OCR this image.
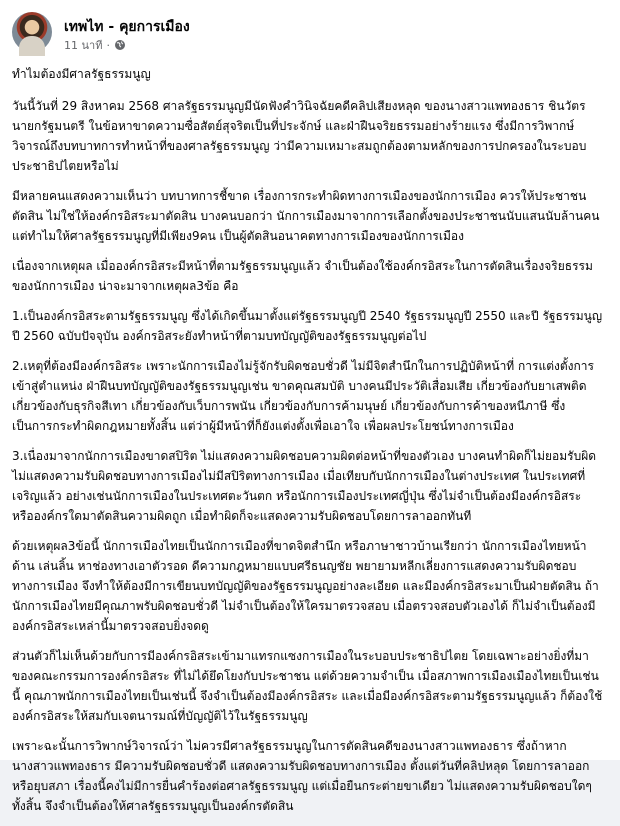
เทพไท - คุยการเมือง
11 นาที ·

ทำไมต้องมีศาลรัฐธรรมนูญ

วันนี้วันที่ 29 สิงหาคม 2568 ศาลรัฐธรรมนูญมีนัดฟังคำวินิจฉัยคดีคลิปเสียงหลุด ของนางสาวแพทองธาร ชินวัตร นายกรัฐมนตรี ในข้อหาขาดความซื่อสัตย์สุจริตเป็นที่ประจักษ์ และฝ่าฝืนจริยธรรมอย่างร้ายแรง ซึ่งมีการวิพากษ์วิจารณ์ถึงบทบาทการทำหน้าที่ของศาลรัฐธรรมนูญ ว่ามีความเหมาะสมถูกต้องตามหลักของการปกครองในระบอบประชาธิปไตยหรือไม่

มีหลายคนแสดงความเห็นว่า บทบาทการชี้ขาด เรื่องการกระทำผิดทางการเมืองของนักการเมือง ควรให้ประชาชนตัดสิน ไม่ใช่ให้องค์กรอิสระมาตัดสิน บางคนบอกว่า นักการเมืองมาจากการเลือกตั้งของประชาชนนับแสนนับล้านคน แต่ทำไมให้ศาลรัฐธรรมนูญที่มีเพียง9คน เป็นผู้ตัดสินอนาคตทางการเมืองของนักการเมือง

เนื่องจากเหตุผล เมื่อองค์กรอิสระมีหน้าที่ตามรัฐธรรมนูญแล้ว จำเป็นต้องใช้องค์กรอิสระในการตัดสินเรื่องจริยธรรมของนักการเมือง น่าจะมาจากเหตุผล3ข้อ คือ

1.เป็นองค์กรอิสระตามรัฐธรรมนูญ ซึ่งได้เกิดขึ้นมาตั้งแต่รัฐธรรมนูญปี 2540 รัฐธรรมนูญปี 2550 และปี รัฐธรรมนูญปี 2560 ฉบับปัจจุบัน องค์กรอิสระยังทำหน้าที่ตามบทบัญญัติของรัฐธรรมนูญต่อไป

2.เหตุที่ต้องมีองค์กรอิสระ เพราะนักการเมืองไม่รู้จักรับผิดชอบชั่วดี ไม่มีจิตสำนึกในการปฏิบัติหน้าที่ การแต่งตั้งการเข้าสู่ตำแหน่ง ฝ่าฝืนบทบัญญัติของรัฐธรรมนูญเช่น ขาดคุณสมบัติ บางคนมีประวัติเสื่อมเสีย เกี่ยวข้องกับยาเสพติด เกี่ยวข้องกับธุรกิจสีเทา เกี่ยวข้องกับเว็บการพนัน เกี่ยวข้องกับการค้ามนุษย์ เกี่ยวข้องกับการค้าของหนีภาษี ซึ่งเป็นการกระทำผิดกฎหมายทั้งสิ้น แต่ว่าผู้มีหน้าที่ก็ยังแต่งตั้งเพื่อเอาใจ เพื่อผลประโยชน์ทางการเมือง

3.เนื่องมาจากนักการเมืองขาดสปิริต ไม่แสดงความผิดชอบความผิดต่อหน้าที่ของตัวเอง บางคนทำผิดก็ไม่ยอมรับผิด ไม่แสดงความรับผิดชอบทางการเมืองไม่มีสปิริตทางการเมือง เมื่อเทียบกับนักการเมืองในต่างประเทศ ในประเทศที่เจริญแล้ว อย่างเช่นนักการเมืองในประเทศตะวันตก หรือนักการเมืองประเทศญี่ปุ่น ซึ่งไม่จำเป็นต้องมีองค์กรอิสระ หรือองค์กรใดมาตัดสินความผิดถูก เมื่อทำผิดก็จะแสดงความรับผิดชอบโดยการลาออกทันที

ด้วยเหตุผล3ข้อนี้ นักการเมืองไทยเป็นนักการเมืองที่ขาดจิตสำนึก หรือภาษาชาวบ้านเรียกว่า นักการเมืองไทยหน้าด้าน เล่นลิ้น หาช่องทางเอาตัวรอด ดีความกฎหมายแบบศรีธนญชัย พยายามหลีกเลี่ยงการแสดงความรับผิดชอบทางการเมือง จึงทำให้ต้องมีการเขียนบทบัญญัติของรัฐธรรมนูญอย่างละเอียด และมีองค์กรอิสระมาเป็นฝ่ายตัดสิน ถ้านักการเมืองไทยมีคุณภาพรับผิดชอบชั่วดี ไม่จำเป็นต้องให้ใครมาตรวจสอบ เมื่อตรวจสอบตัวเองได้ ก็ไม่จำเป็นต้องมีองค์กรอิสระเหล่านี้มาตรวจสอบยิ่งจดดู

ส่วนตัวก็ไม่เห็นด้วยกับการมีองค์กรอิสระเข้ามาแทรกแซงการเมืองในระบอบประชาธิปไตย โดยเฉพาะอย่างยิ่งที่มาของคณะกรรมการองค์กรอิสระ ที่ไม่ได้ยึดโยงกับประชาชน แต่ด้วยความจำเป็น เมื่อสภาพการเมืองเมืองไทยเป็นเช่นนี้ คุณภาพนักการเมืองไทยเป็นเช่นนี้ จึงจำเป็นต้องมีองค์กรอิสระ และเมื่อมีองค์กรอิสระตามรัฐธรรมนูญแล้ว ก็ต้องใช้องค์กรอิสระให้สมกับเจตนารมณ์ที่บัญญัติไว้ในรัฐธรรมนูญ

เพราะฉะนั้นการวิพากษ์วิจารณ์ว่า ไม่ควรมีศาลรัฐธรรมนูญในการตัดสินคดีของนางสาวแพทองธาร ซึ่งถ้าหากนางสาวแพทองธาร มีความรับผิดชอบชั่วดี แสดงความรับผิดชอบทางการเมือง ตั้งแต่วันที่คลิปหลุด โดยการลาออกหรือยุบสภา เรื่องนี้คงไม่มีการยื่นคำร้องต่อศาลรัฐธรรมนูญ แต่เมื่อยืนกระต่ายขาเดียว ไม่แสดงความรับผิดชอบใดๆทั้งสิ้น จึงจำเป็นต้องให้ศาลรัฐธรรมนูญเป็นองค์กรตัดสิน
